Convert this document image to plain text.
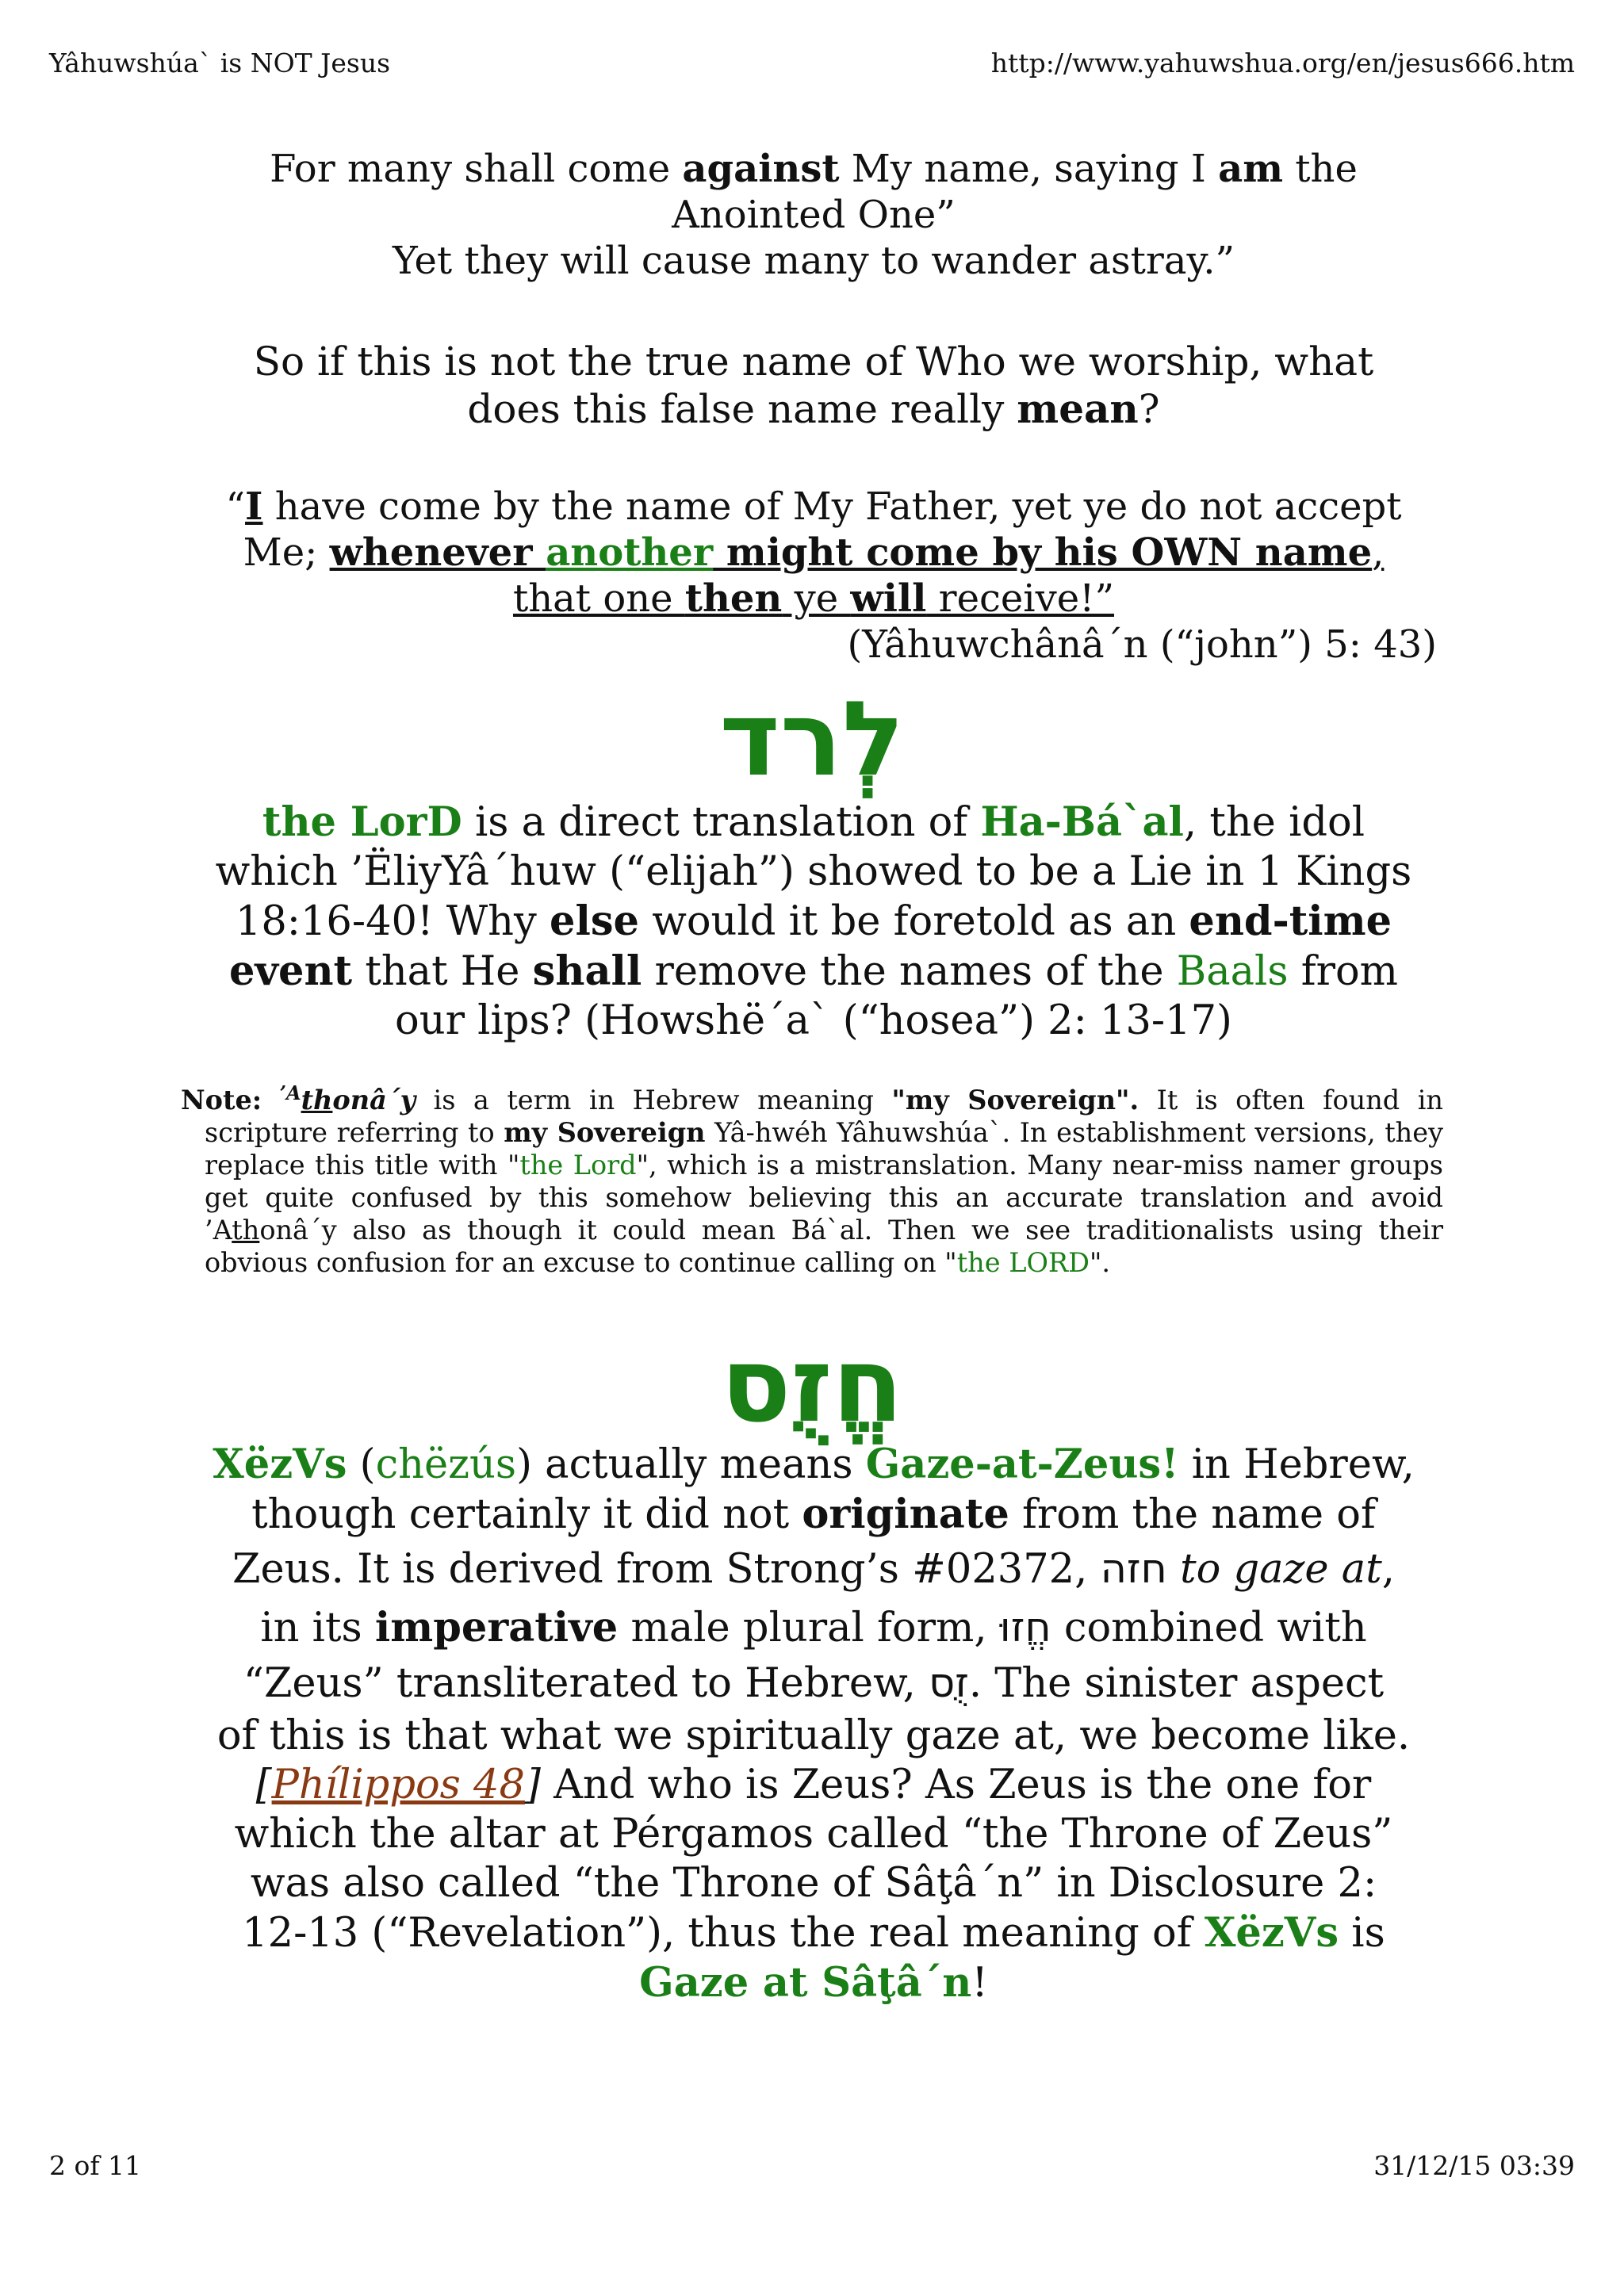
Yâhuwshúa` is NOT Jesus	http://www.yahuwshua.org/en/jesus666.htm
For many shall come against My name, saying I am the
Anointed One”
Yet they will cause many to wander astray.”
So if this is not the true name of Who we worship, what
does this false name really mean?
“I have come by the name of My Father, yet ye do not accept
Me; whenever another might come by his OWN name,
that one then ye will receive!”
(Yâhuwchânâ´n (“john”) 5: 43)
לְרד
the LorD is a direct translation of Ha-Bá`al, the idol
which ’ËliyYâ´huw (“elijah”) showed to be a Lie in 1 Kings
18:16-40! Why else would it be foretold as an end-time
event that He shall remove the names of the Baals from
our lips? (Howshë´a` (“hosea”) 2: 13-17)
Note: $^{’A}$thonâ´y is a term in Hebrew meaning "my Sovereign". It is often found in scripture referring to my Sovereign Yâ-hwéh Yâhuwshúa`. In establishment versions, they replace this title with "the Lord", which is a mistranslation. Many near-miss namer groups get quite confused by this somehow believing this an accurate translation and avoid ’Athonâ´y also as though it could mean Bá`al. Then we see traditionalists using their obvious confusion for an excuse to continue calling on "the LORD".
חֱזֻס
XëzVs (chëzús) actually means Gaze-at-Zeus! in Hebrew,
though certainly it did not originate from the name of
Zeus. It is derived from Strong’s #02372, חזה to gaze at,
in its imperative male plural form, חֱזוּ combined with
“Zeus” transliterated to Hebrew, זֻס. The sinister aspect
of this is that what we spiritually gaze at, we become like.
[Phílippos 48] And who is Zeus? As Zeus is the one for
which the altar at Pérgamos called “the Throne of Zeus”
was also called “the Throne of Sâţâ´n” in Disclosure 2:
12-13 (“Revelation”), thus the real meaning of XëzVs is
Gaze at Sâţâ´n!
2 of 11	31/12/15 03:39
